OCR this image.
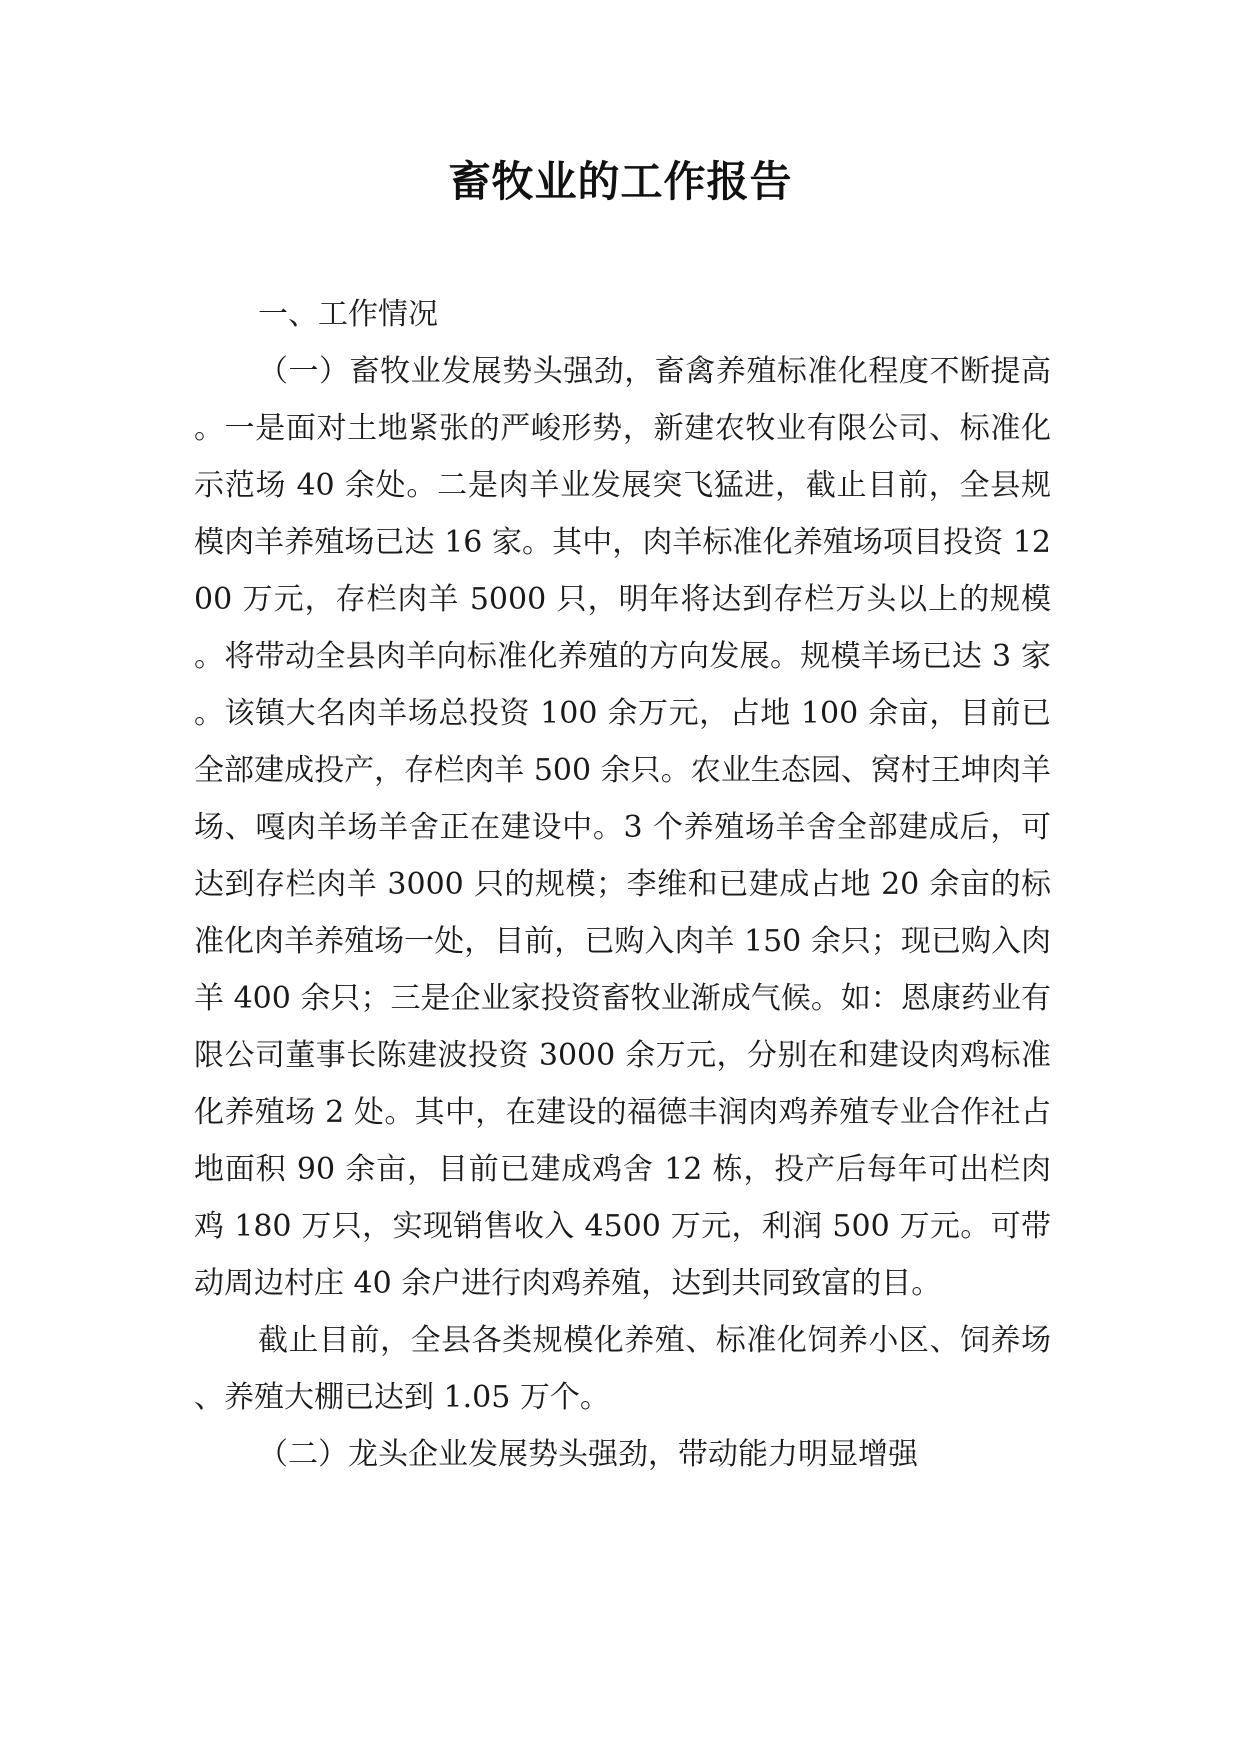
畜牧业的工作报告

一、工作情况

（一）畜牧业发展势头强劲，畜禽养殖标准化程度不断提高。一是面对土地紧张的严峻形势，新建农牧业有限公司、标准化示范场 40 余处。二是肉羊业发展突飞猛进，截止目前，全县规模肉羊养殖场已达 16 家。其中，肉羊标准化养殖场项目投资 1200 万元，存栏肉羊 5000 只，明年将达到存栏万头以上的规模。将带动全县肉羊向标准化养殖的方向发展。规模羊场已达 3 家。该镇大名肉羊场总投资 100 余万元，占地 100 余亩，目前已全部建成投产，存栏肉羊 500 余只。农业生态园、窝村王坤肉羊场、嘎肉羊场羊舍正在建设中。3 个养殖场羊舍全部建成后，可达到存栏肉羊 3000 只的规模；李维和已建成占地 20 余亩的标准化肉羊养殖场一处，目前，已购入肉羊 150 余只；现已购入肉羊 400 余只；三是企业家投资畜牧业渐成气候。如：恩康药业有限公司董事长陈建波投资 3000 余万元，分别在和建设肉鸡标准化养殖场 2 处。其中，在建设的福德丰润肉鸡养殖专业合作社占地面积 90 余亩，目前已建成鸡舍 12 栋，投产后每年可出栏肉鸡 180 万只，实现销售收入 4500 万元，利润 500 万元。可带动周边村庄 40 余户进行肉鸡养殖，达到共同致富的目。

截止目前，全县各类规模化养殖、标准化饲养小区、饲养场、养殖大棚已达到 1.05 万个。

（二）龙头企业发展势头强劲，带动能力明显增强
